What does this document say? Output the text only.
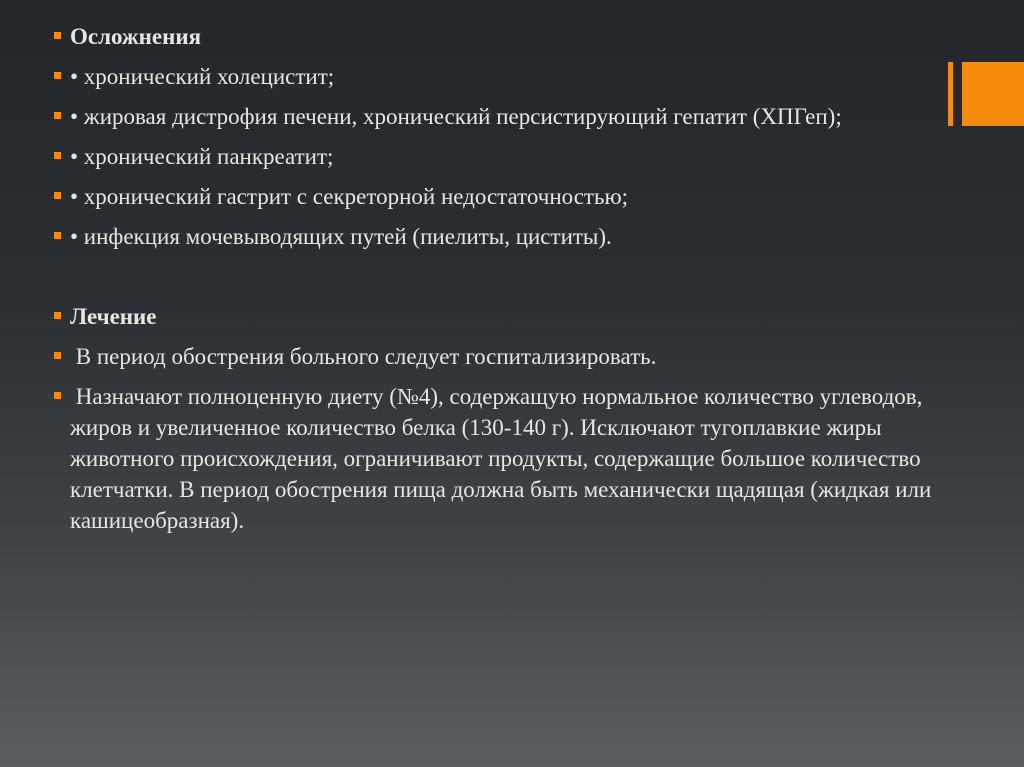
Осложнения
• хронический холецистит;
• жировая дистрофия печени, хронический персистирующий гепатит (ХПГеп);
• хронический панкреатит;
• хронический гастрит с секреторной недостаточностью;
• инфекция мочевыводящих путей (пиелиты, циститы).
Лечение
В период обострения больного следует госпитализировать.
Назначают полноценную диету (№4), содержащую нормальное количество углеводов, жиров и увеличенное количество белка (130-140 г). Исключают тугоплавкие жиры животного происхождения, ограничивают продукты, содержащие большое количество клетчатки. В период обострения пища должна быть механически щадящая (жидкая или кашицеобразная).
